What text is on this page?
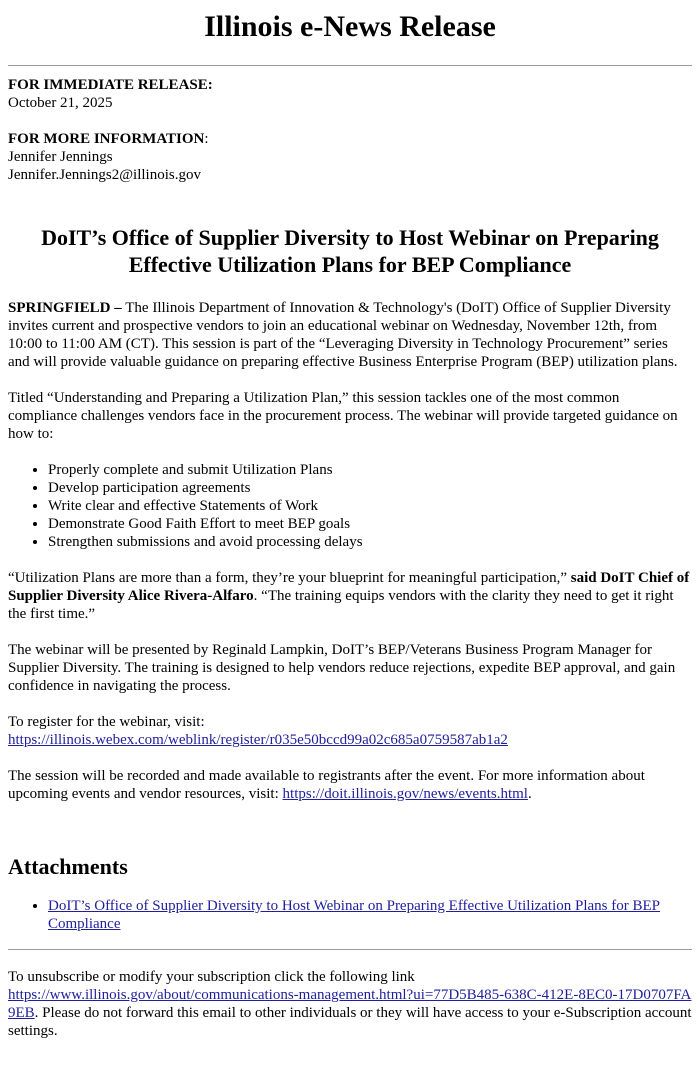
Illinois e-News Release

FOR IMMEDIATE RELEASE:

October 21, 2025

FOR MORE INFORMATION:

Jennifer Jennings

Jennifer.Jennings2@illinois.gov

DoIT’s Office of Supplier Diversity to Host Webinar on Preparing Effective Utilization Plans for BEP Compliance

SPRINGFIELD – The Illinois Department of Innovation & Technology's (DoIT) Office of Supplier Diversity invites current and prospective vendors to join an educational webinar on Wednesday, November 12th, from 10:00 to 11:00 AM (CT). This session is part of the “Leveraging Diversity in Technology Procurement” series and will provide valuable guidance on preparing effective Business Enterprise Program (BEP) utilization plans.

Titled “Understanding and Preparing a Utilization Plan,” this session tackles one of the most common compliance challenges vendors face in the procurement process. The webinar will provide targeted guidance on how to:

• Properly complete and submit Utilization Plans
• Develop participation agreements
• Write clear and effective Statements of Work
• Demonstrate Good Faith Effort to meet BEP goals
• Strengthen submissions and avoid processing delays

“Utilization Plans are more than a form, they’re your blueprint for meaningful participation,” said DoIT Chief of Supplier Diversity Alice Rivera-Alfaro. “The training equips vendors with the clarity they need to get it right the first time.”

The webinar will be presented by Reginald Lampkin, DoIT’s BEP/Veterans Business Program Manager for Supplier Diversity. The training is designed to help vendors reduce rejections, expedite BEP approval, and gain confidence in navigating the process.

To register for the webinar, visit:
https://illinois.webex.com/weblink/register/r035e50bccd99a02c685a0759587ab1a2

The session will be recorded and made available to registrants after the event. For more information about upcoming events and vendor resources, visit: https://doit.illinois.gov/news/events.html.

Attachments
• DoIT’s Office of Supplier Diversity to Host Webinar on Preparing Effective Utilization Plans for BEP Compliance

To unsubscribe or modify your subscription click the following link
https://www.illinois.gov/about/communications-management.html?ui=77D5B485-638C-412E-8EC0-17D0707FA9EB. Please do not forward this email to other individuals or they will have access to your e-Subscription account settings.
